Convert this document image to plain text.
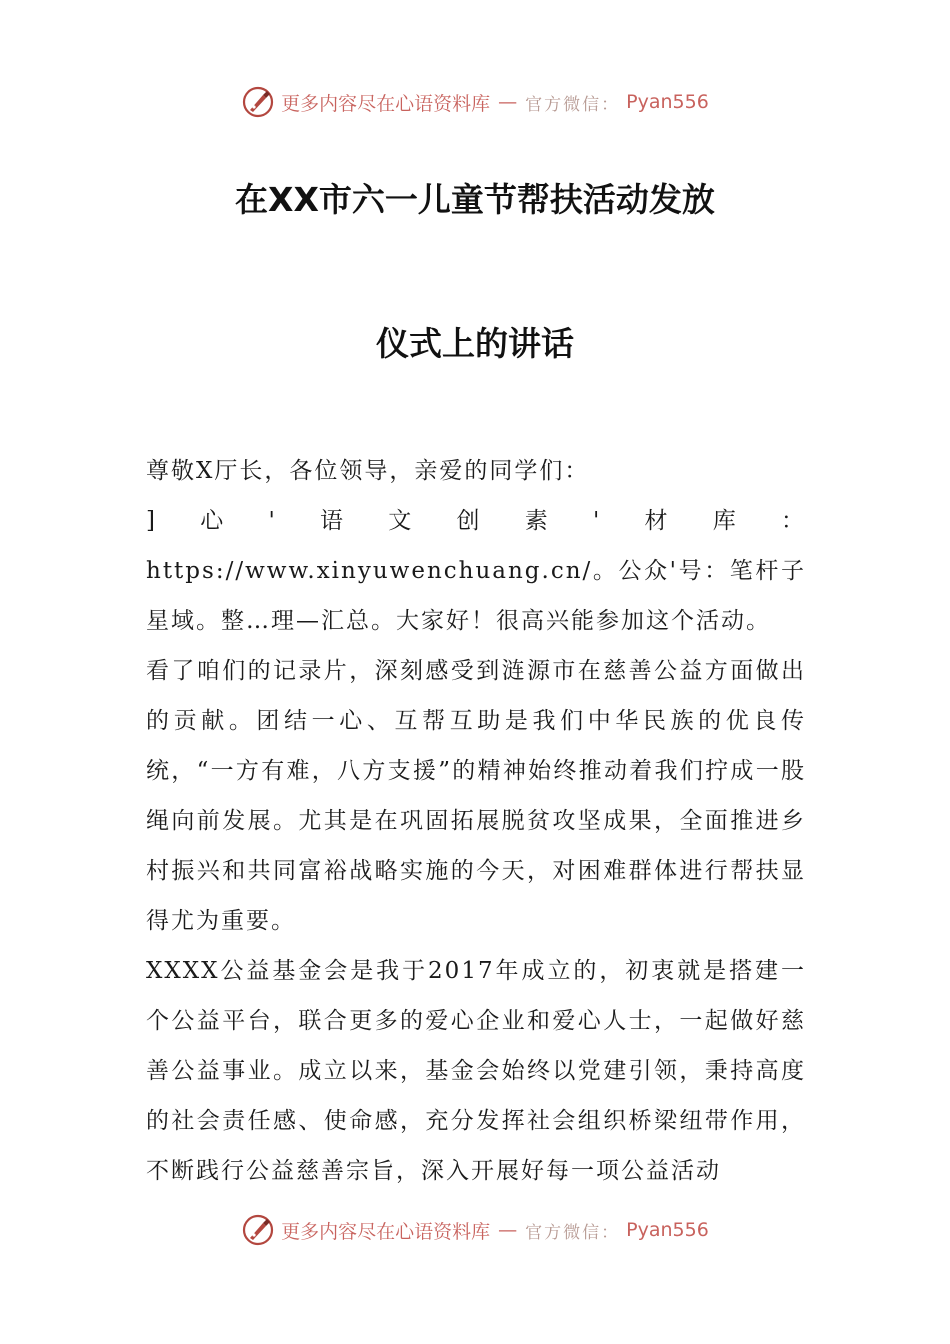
更多内容尽在心语资料库 — 官方微信： Pyan556
在XX市六一儿童节帮扶活动发放
仪式上的讲话

尊敬X厅长，各位领导，亲爱的同学们：

]心'语文创素'材库：https://www.xinyuwenchuang.cn/。公众'号：笔杆子星域。整…理—汇总。大家好！很高兴能参加这个活动。

看了咱们的记录片，深刻感受到涟源市在慈善公益方面做出的贡献。团结一心、互帮互助是我们中华民族的优良传统，“一方有难，八方支援”的精神始终推动着我们拧成一股绳向前发展。尤其是在巩固拓展脱贫攻坚成果，全面推进乡村振兴和共同富裕战略实施的今天，对困难群体进行帮扶显得尤为重要。

XXXX公益基金会是我于2017年成立的，初衷就是搭建一个公益平台，联合更多的爱心企业和爱心人士，一起做好慈善公益事业。成立以来，基金会始终以党建引领，秉持高度的社会责任感、使命感，充分发挥社会组织桥梁纽带作用，不断践行公益慈善宗旨，深入开展好每一项公益活动

更多内容尽在心语资料库 — 官方微信： Pyan556
